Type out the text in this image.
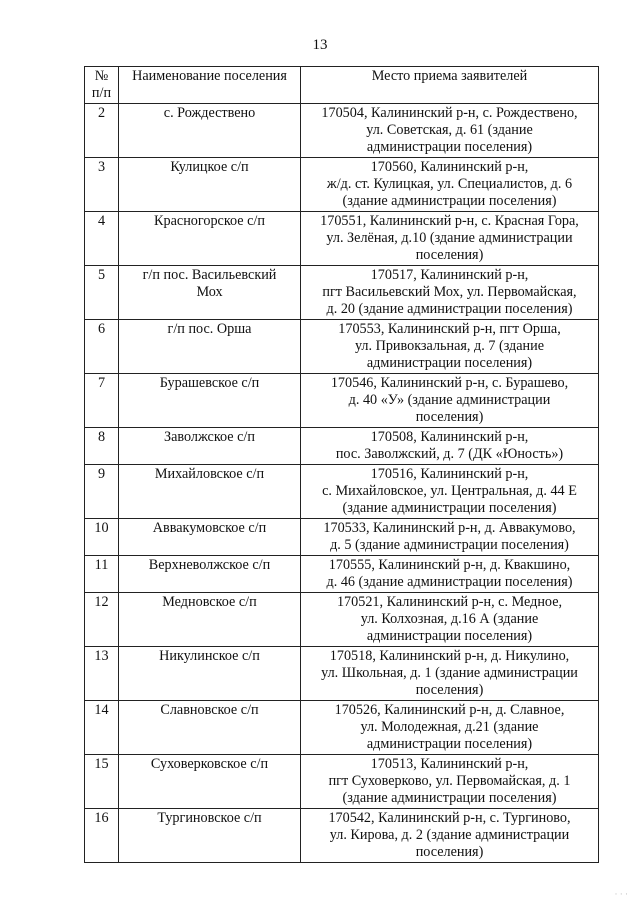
13
№ п/п	Наименование поселения	Место приема заявителей
2	с. Рождествено	170504, Калининский р-н, с. Рождествено,
ул. Советская, д. 61 (здание
администрации поселения)

3	Кулицкое с/п	170560, Калининский р-н,
ж/д. ст. Кулицкая, ул. Специалистов, д. 6
(здание администрации поселения)

4	Красногорское с/п	170551, Калининский р-н, с. Красная Гора,
ул. Зелёная, д.10 (здание администрации
поселения)

5	г/п пос. Васильевский
Мох	170517, Калининский р-н,
пгт Васильевский Мох, ул. Первомайская,
д. 20 (здание администрации поселения)

6	г/п пос. Орша	170553, Калининский р-н, пгт Орша,
ул. Привокзальная, д. 7 (здание
администрации поселения)

7	Бурашевское с/п	170546, Калининский р-н, с. Бурашево,
д. 40 «У» (здание администрации
поселения)

8	Заволжское с/п	170508, Калининский р-н,
пос. Заволжский, д. 7 (ДК «Юность»)

9	Михайловское с/п	170516, Калининский р-н,
с. Михайловское, ул. Центральная, д. 44 Е
(здание администрации поселения)

10	Аввакумовское с/п	170533, Калининский р-н, д. Аввакумово,
д. 5 (здание администрации поселения)

11	Верхневолжское с/п	170555, Калининский р-н, д. Квакшино,
д. 46 (здание администрации поселения)

12	Медновское с/п	170521, Калининский р-н, с. Медное,
ул. Колхозная, д.16 А (здание
администрации поселения)

13	Никулинское с/п	170518, Калининский р-н, д. Никулино,
ул. Школьная, д. 1 (здание администрации
поселения)

14	Славновское с/п	170526, Калининский р-н, д. Славное,
ул. Молодежная, д.21 (здание
администрации поселения)

15	Суховерковское с/п	170513, Калининский р-н,
пгт Суховерково, ул. Первомайская, д. 1
(здание администрации поселения)

16	Тургиновское с/п	170542, Калининский р-н, с. Тургиново,
ул. Кирова, д. 2 (здание администрации
поселения)
· · ·
